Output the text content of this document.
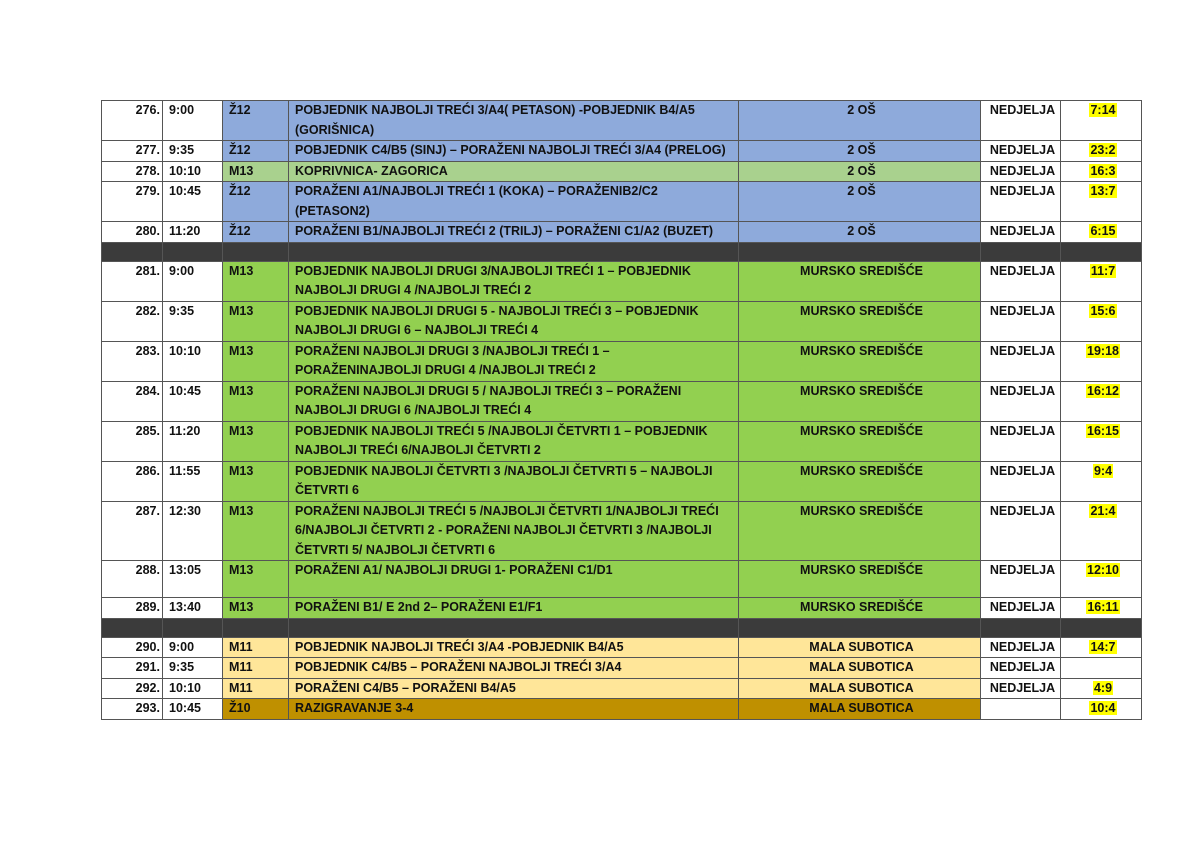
276.	9:00	Ž12	POBJEDNIK NAJBOLJI TREĆI 3/A4( PETASON) -POBJEDNIK B4/A5 (GORIŠNICA)	2 OŠ	NEDJELJA	7:14
277.	9:35	Ž12	POBJEDNIK C4/B5 (SINJ) – PORAŽENI NAJBOLJI TREĆI 3/A4 (PRELOG)	2 OŠ	NEDJELJA	23:2
278.	10:10	M13	KOPRIVNICA- ZAGORICA	2 OŠ	NEDJELJA	16:3
279.	10:45	Ž12	PORAŽENI A1/NAJBOLJI TREĆI 1 (KOKA) – PORAŽENIB2/C2 (PETASON2)	2 OŠ	NEDJELJA	13:7
280.	11:20	Ž12	PORAŽENI B1/NAJBOLJI TREĆI 2 (TRILJ) – PORAŽENI C1/A2 (BUZET)	2 OŠ	NEDJELJA	6:15

281.	9:00	M13	POBJEDNIK NAJBOLJI DRUGI 3/NAJBOLJI TREĆI 1 – POBJEDNIK NAJBOLJI DRUGI 4 /NAJBOLJI TREĆI 2	MURSKO SREDIŠĆE	NEDJELJA	11:7
282.	9:35	M13	POBJEDNIK NAJBOLJI DRUGI 5 - NAJBOLJI TREĆI 3 – POBJEDNIK NAJBOLJI DRUGI 6 – NAJBOLJI TREĆI 4	MURSKO SREDIŠĆE	NEDJELJA	15:6
283.	10:10	M13	PORAŽENI NAJBOLJI DRUGI 3 /NAJBOLJI TREĆI 1 – PORAŽENINAJBOLJI DRUGI 4 /NAJBOLJI TREĆI 2	MURSKO SREDIŠĆE	NEDJELJA	19:18
284.	10:45	M13	PORAŽENI NAJBOLJI DRUGI 5 / NAJBOLJI TREĆI 3 – PORAŽENI NAJBOLJI DRUGI 6 /NAJBOLJI TREĆI 4	MURSKO SREDIŠĆE	NEDJELJA	16:12
285.	11:20	M13	POBJEDNIK NAJBOLJI TREĆI 5 /NAJBOLJI ČETVRTI 1 – POBJEDNIK NAJBOLJI TREĆI 6/NAJBOLJI ČETVRTI 2	MURSKO SREDIŠĆE	NEDJELJA	16:15
286.	11:55	M13	POBJEDNIK NAJBOLJI ČETVRTI 3 /NAJBOLJI ČETVRTI 5 – NAJBOLJI ČETVRTI 6	MURSKO SREDIŠĆE	NEDJELJA	9:4
287.	12:30	M13	PORAŽENI NAJBOLJI TREĆI 5 /NAJBOLJI ČETVRTI 1/NAJBOLJI TREĆI 6/NAJBOLJI ČETVRTI 2 - PORAŽENI NAJBOLJI ČETVRTI 3 /NAJBOLJI ČETVRTI 5/ NAJBOLJI ČETVRTI 6	MURSKO SREDIŠĆE	NEDJELJA	21:4
288.	13:05	M13	PORAŽENI A1/ NAJBOLJI DRUGI 1- PORAŽENI C1/D1	MURSKO SREDIŠĆE	NEDJELJA	12:10
289.	13:40	M13	PORAŽENI B1/ E 2nd 2– PORAŽENI E1/F1	MURSKO SREDIŠĆE	NEDJELJA	16:11

290.	9:00	M11	POBJEDNIK NAJBOLJI TREĆI 3/A4 -POBJEDNIK B4/A5	MALA SUBOTICA	NEDJELJA	14:7
291.	9:35	M11	POBJEDNIK C4/B5 – PORAŽENI NAJBOLJI TREĆI 3/A4	MALA SUBOTICA	NEDJELJA	
292.	10:10	M11	PORAŽENI C4/B5 – PORAŽENI B4/A5	MALA SUBOTICA	NEDJELJA	4:9
293.	10:45	Ž10	RAZIGRAVANJE 3-4	MALA SUBOTICA		10:4
